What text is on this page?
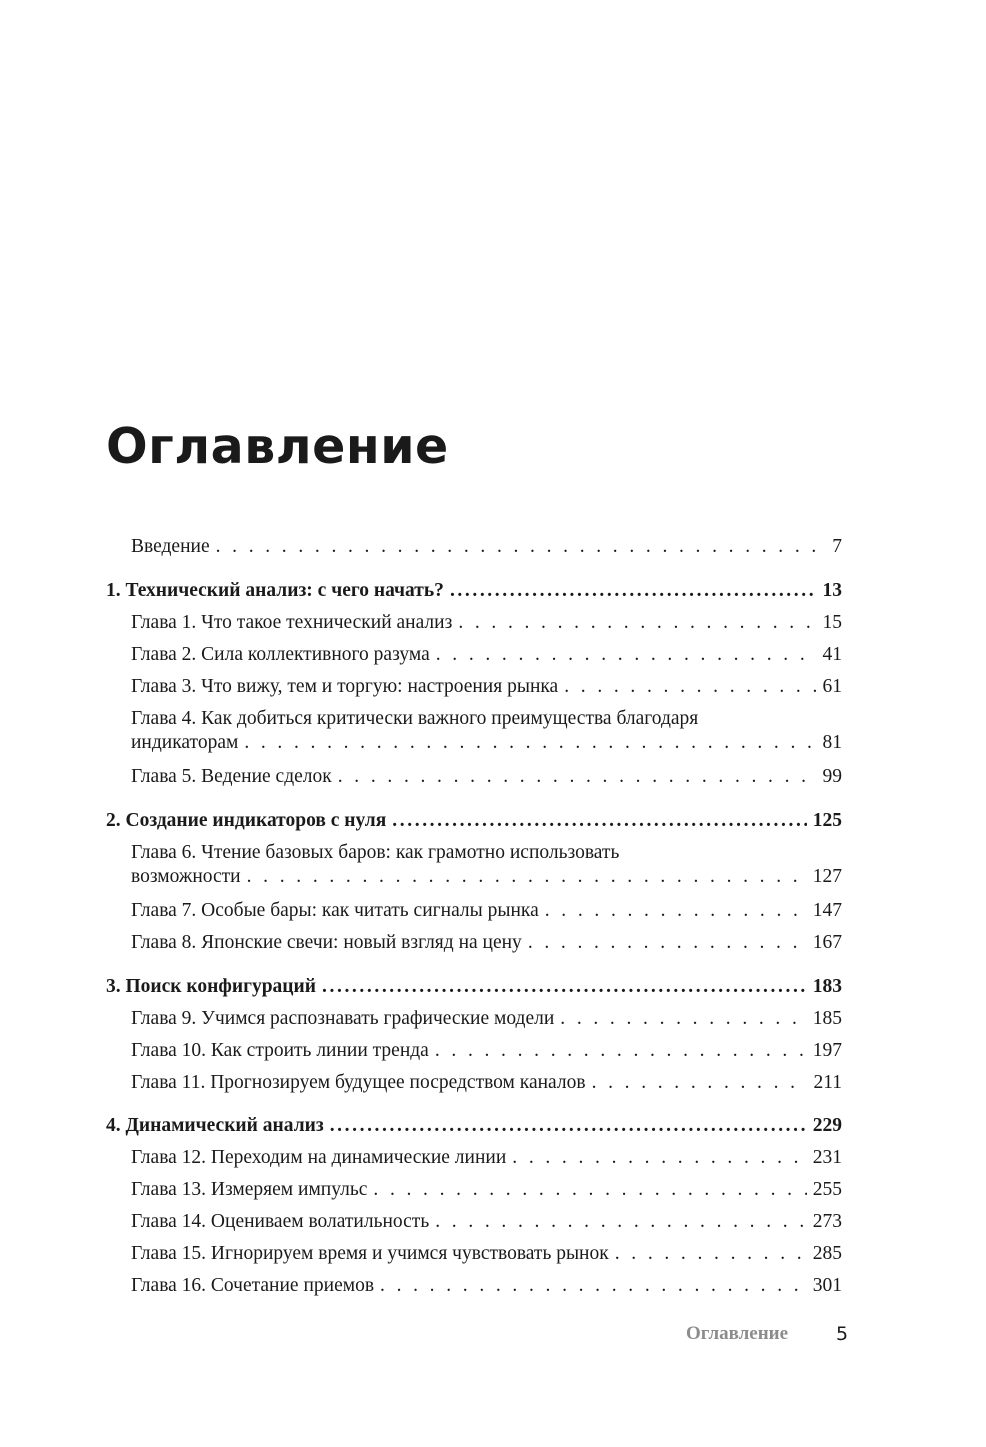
Оглавление
Введение . . .	7
1. Технический анализ: с чего начать? .....	13
Глава 1. Что такое технический анализ . . .	15
Глава 2. Сила коллективного разума . . .	41
Глава 3. Что вижу, тем и торгую: настроения рынка . . .	61
Глава 4. Как добиться критически важного преимущества благодаря
индикаторам . . .	81
Глава 5. Ведение сделок . . .	99
2. Создание индикаторов с нуля .....	125
Глава 6. Чтение базовых баров: как грамотно использовать
возможности . . .	127
Глава 7. Особые бары: как читать сигналы рынка . . .	147
Глава 8. Японские свечи: новый взгляд на цену . . .	167
3. Поиск конфигураций .....	183
Глава 9. Учимся распознавать графические модели . . .	185
Глава 10. Как строить линии тренда . . .	197
Глава 11. Прогнозируем будущее посредством каналов . . .	211
4. Динамический анализ .....	229
Глава 12. Переходим на динамические линии . . .	231
Глава 13. Измеряем импульс . . .	255
Глава 14. Оцениваем волатильность . . .	273
Глава 15. Игнорируем время и учимся чувствовать рынок . . .	285
Глава 16. Сочетание приемов . . .	301
Оглавление	5
